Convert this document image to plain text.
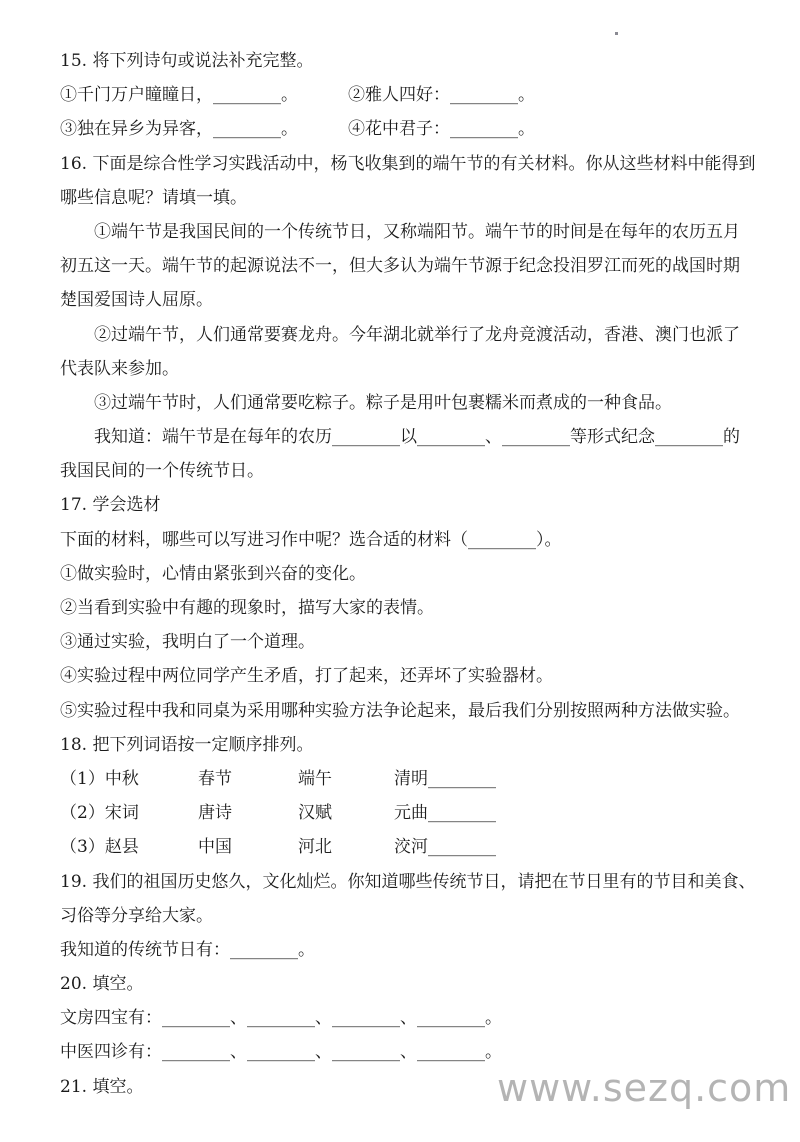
15. 将下列诗句或说法补充完整。
①千门万户瞳瞳日，________。	②雅人四好：________。
③独在异乡为异客，________。	④花中君子：________。
16. 下面是综合性学习实践活动中，杨飞收集到的端午节的有关材料。你从这些材料中能得到
哪些信息呢？请填一填。
①端午节是我国民间的一个传统节日，又称端阳节。端午节的时间是在每年的农历五月
初五这一天。端午节的起源说法不一，但大多认为端午节源于纪念投泪罗江而死的战国时期
楚国爱国诗人屈原。
②过端午节，人们通常要赛龙舟。今年湖北就举行了龙舟竞渡活动，香港、澳门也派了
代表队来参加。
③过端午节时，人们通常要吃粽子。粽子是用叶包裹糯米而煮成的一种食品。
我知道：端午节是在每年的农历________以________、________等形式纪念________的
我国民间的一个传统节日。
17. 学会选材
下面的材料，哪些可以写进习作中呢？选合适的材料（________）。
①做实验时，心情由紧张到兴奋的变化。
②当看到实验中有趣的现象时，描写大家的表情。
③通过实验，我明白了一个道理。
④实验过程中两位同学产生矛盾，打了起来，还弄坏了实验器材。
⑤实验过程中我和同桌为采用哪种实验方法争论起来，最后我们分别按照两种方法做实验。
18. 把下列词语按一定顺序排列。
（1）中秋	春节	端午	清明________
（2）宋词	唐诗	汉赋	元曲________
（3）赵县	中国	河北	洨河________
19. 我们的祖国历史悠久，文化灿烂。你知道哪些传统节日，请把在节日里有的节目和美食、
习俗等分享给大家。
我知道的传统节日有：________。
20. 填空。
文房四宝有：________、________、________、________。
中医四诊有：________、________、________、________。
21. 填空。	www.sezq.com
